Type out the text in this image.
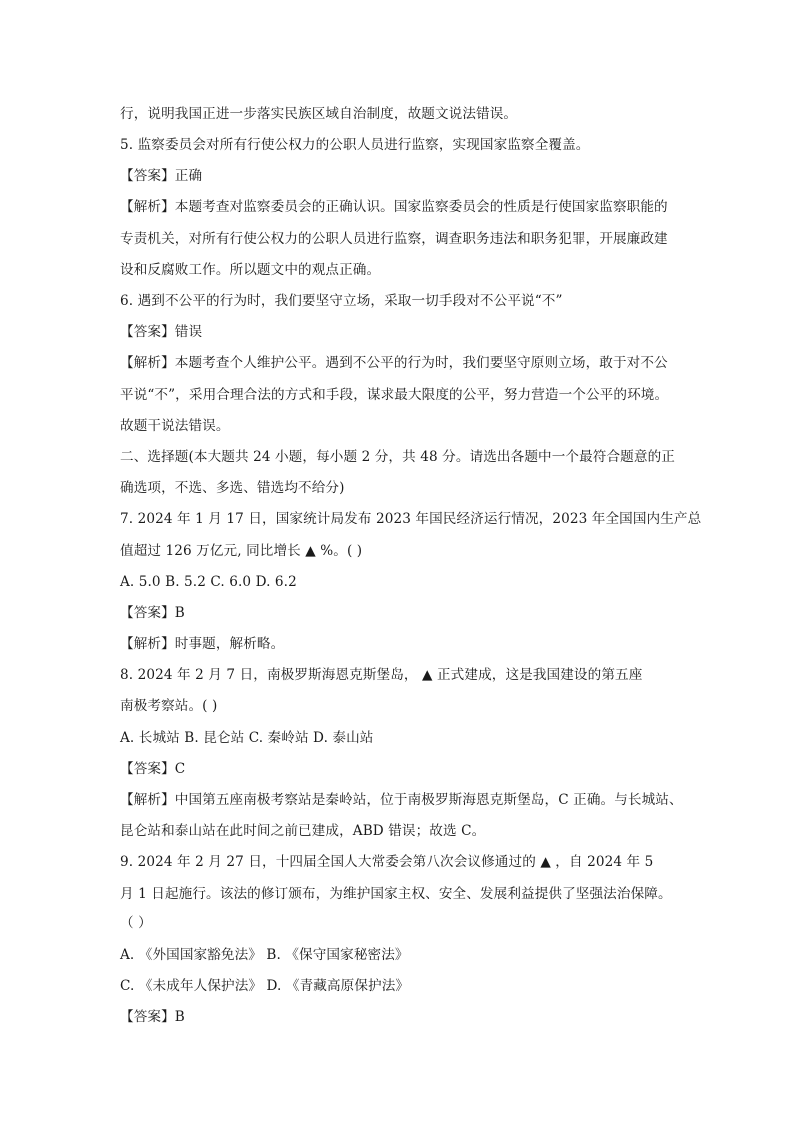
行，说明我国正进一步落实民族区域自治制度，故题文说法错误。
5. 监察委员会对所有行使公权力的公职人员进行监察，实现国家监察全覆盖。
【答案】正确
【解析】本题考查对监察委员会的正确认识。国家监察委员会的性质是行使国家监察职能的
专责机关，对所有行使公权力的公职人员进行监察，调查职务违法和职务犯罪，开展廉政建
设和反腐败工作。所以题文中的观点正确。
6. 遇到不公平的行为时，我们要坚守立场，采取一切手段对不公平说“不”
【答案】错误
【解析】本题考查个人维护公平。遇到不公平的行为时，我们要坚守原则立场，敢于对不公
平说“不”，采用合理合法的方式和手段，谋求最大限度的公平，努力营造一个公平的环境。
故题干说法错误。
二、选择题(本大题共 24 小题，每小题 2 分，共 48 分。请选出各题中一个最符合题意的正
确选项，不选、多选、错选均不给分)
7. 2024 年 1 月 17 日，国家统计局发布 2023 年国民经济运行情况，2023 年全国国内生产总
值超过 126 万亿元, 同比增长 ▲ %。( )
A. 5.0 B. 5.2 C. 6.0 D. 6.2
【答案】B
【解析】时事题，解析略。
8. 2024 年 2 月 7 日，南极罗斯海恩克斯堡岛， ▲ 正式建成，这是我国建设的第五座
南极考察站。( )
A. 长城站 B. 昆仑站 C. 秦岭站 D. 泰山站
【答案】C
【解析】中国第五座南极考察站是秦岭站，位于南极罗斯海恩克斯堡岛，C 正确。与长城站、
昆仑站和泰山站在此时间之前已建成，ABD 错误；故选 C。
9. 2024 年 2 月 27 日，十四届全国人大常委会第八次会议修通过的 ▲ ，自 2024 年 5
月 1 日起施行。该法的修订颁布，为维护国家主权、安全、发展利益提供了坚强法治保障。
（ ）
A. 《外国国家豁免法》 B. 《保守国家秘密法》
C. 《未成年人保护法》 D. 《青藏高原保护法》
【答案】B
